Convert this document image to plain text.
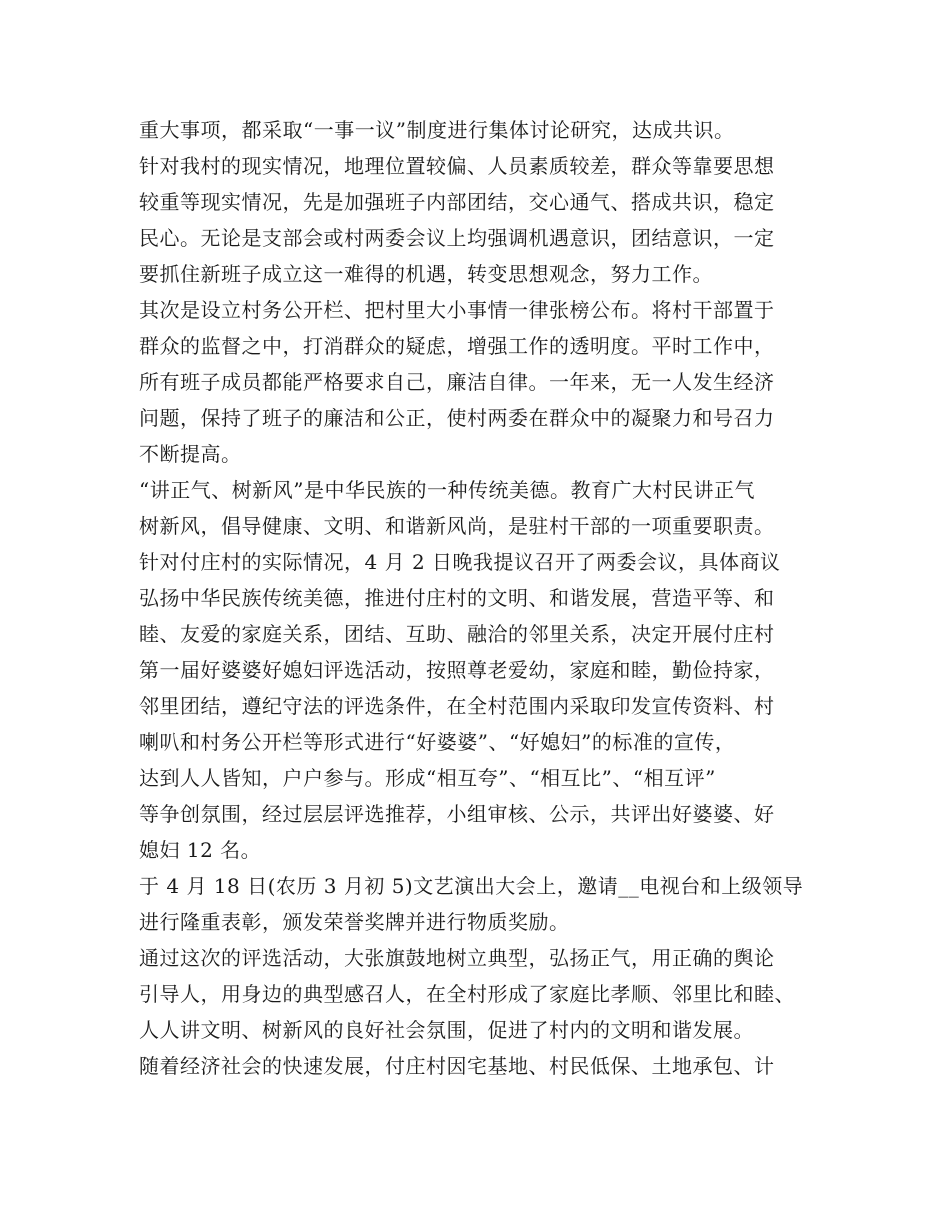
重大事项，都采取“一事一议”制度进行集体讨论研究，达成共识。
针对我村的现实情况，地理位置较偏、人员素质较差，群众等靠要思想
较重等现实情况，先是加强班子内部团结，交心通气、搭成共识，稳定
民心。无论是支部会或村两委会议上均强调机遇意识，团结意识，一定
要抓住新班子成立这一难得的机遇，转变思想观念，努力工作。
其次是设立村务公开栏、把村里大小事情一律张榜公布。将村干部置于
群众的监督之中，打消群众的疑虑，增强工作的透明度。平时工作中，
所有班子成员都能严格要求自己，廉洁自律。一年来，无一人发生经济
问题，保持了班子的廉洁和公正，使村两委在群众中的凝聚力和号召力
不断提高。
“讲正气、树新风”是中华民族的一种传统美德。教育广大村民讲正气
树新风，倡导健康、文明、和谐新风尚，是驻村干部的一项重要职责。
针对付庄村的实际情况，4 月 2 日晚我提议召开了两委会议，具体商议
弘扬中华民族传统美德，推进付庄村的文明、和谐发展，营造平等、和
睦、友爱的家庭关系，团结、互助、融洽的邻里关系，决定开展付庄村
第一届好婆婆好媳妇评选活动，按照尊老爱幼，家庭和睦，勤俭持家，
邻里团结，遵纪守法的评选条件，在全村范围内采取印发宣传资料、村
喇叭和村务公开栏等形式进行“好婆婆”、“好媳妇”的标准的宣传，
达到人人皆知，户户参与。形成“相互夸”、“相互比”、“相互评”
等争创氛围，经过层层评选推荐，小组审核、公示，共评出好婆婆、好
媳妇 12 名。
于 4 月 18 日(农历 3 月初 5)文艺演出大会上，邀请__电视台和上级领导
进行隆重表彰，颁发荣誉奖牌并进行物质奖励。
通过这次的评选活动，大张旗鼓地树立典型，弘扬正气，用正确的舆论
引导人，用身边的典型感召人，在全村形成了家庭比孝顺、邻里比和睦、
人人讲文明、树新风的良好社会氛围，促进了村内的文明和谐发展。
随着经济社会的快速发展，付庄村因宅基地、村民低保、土地承包、计
